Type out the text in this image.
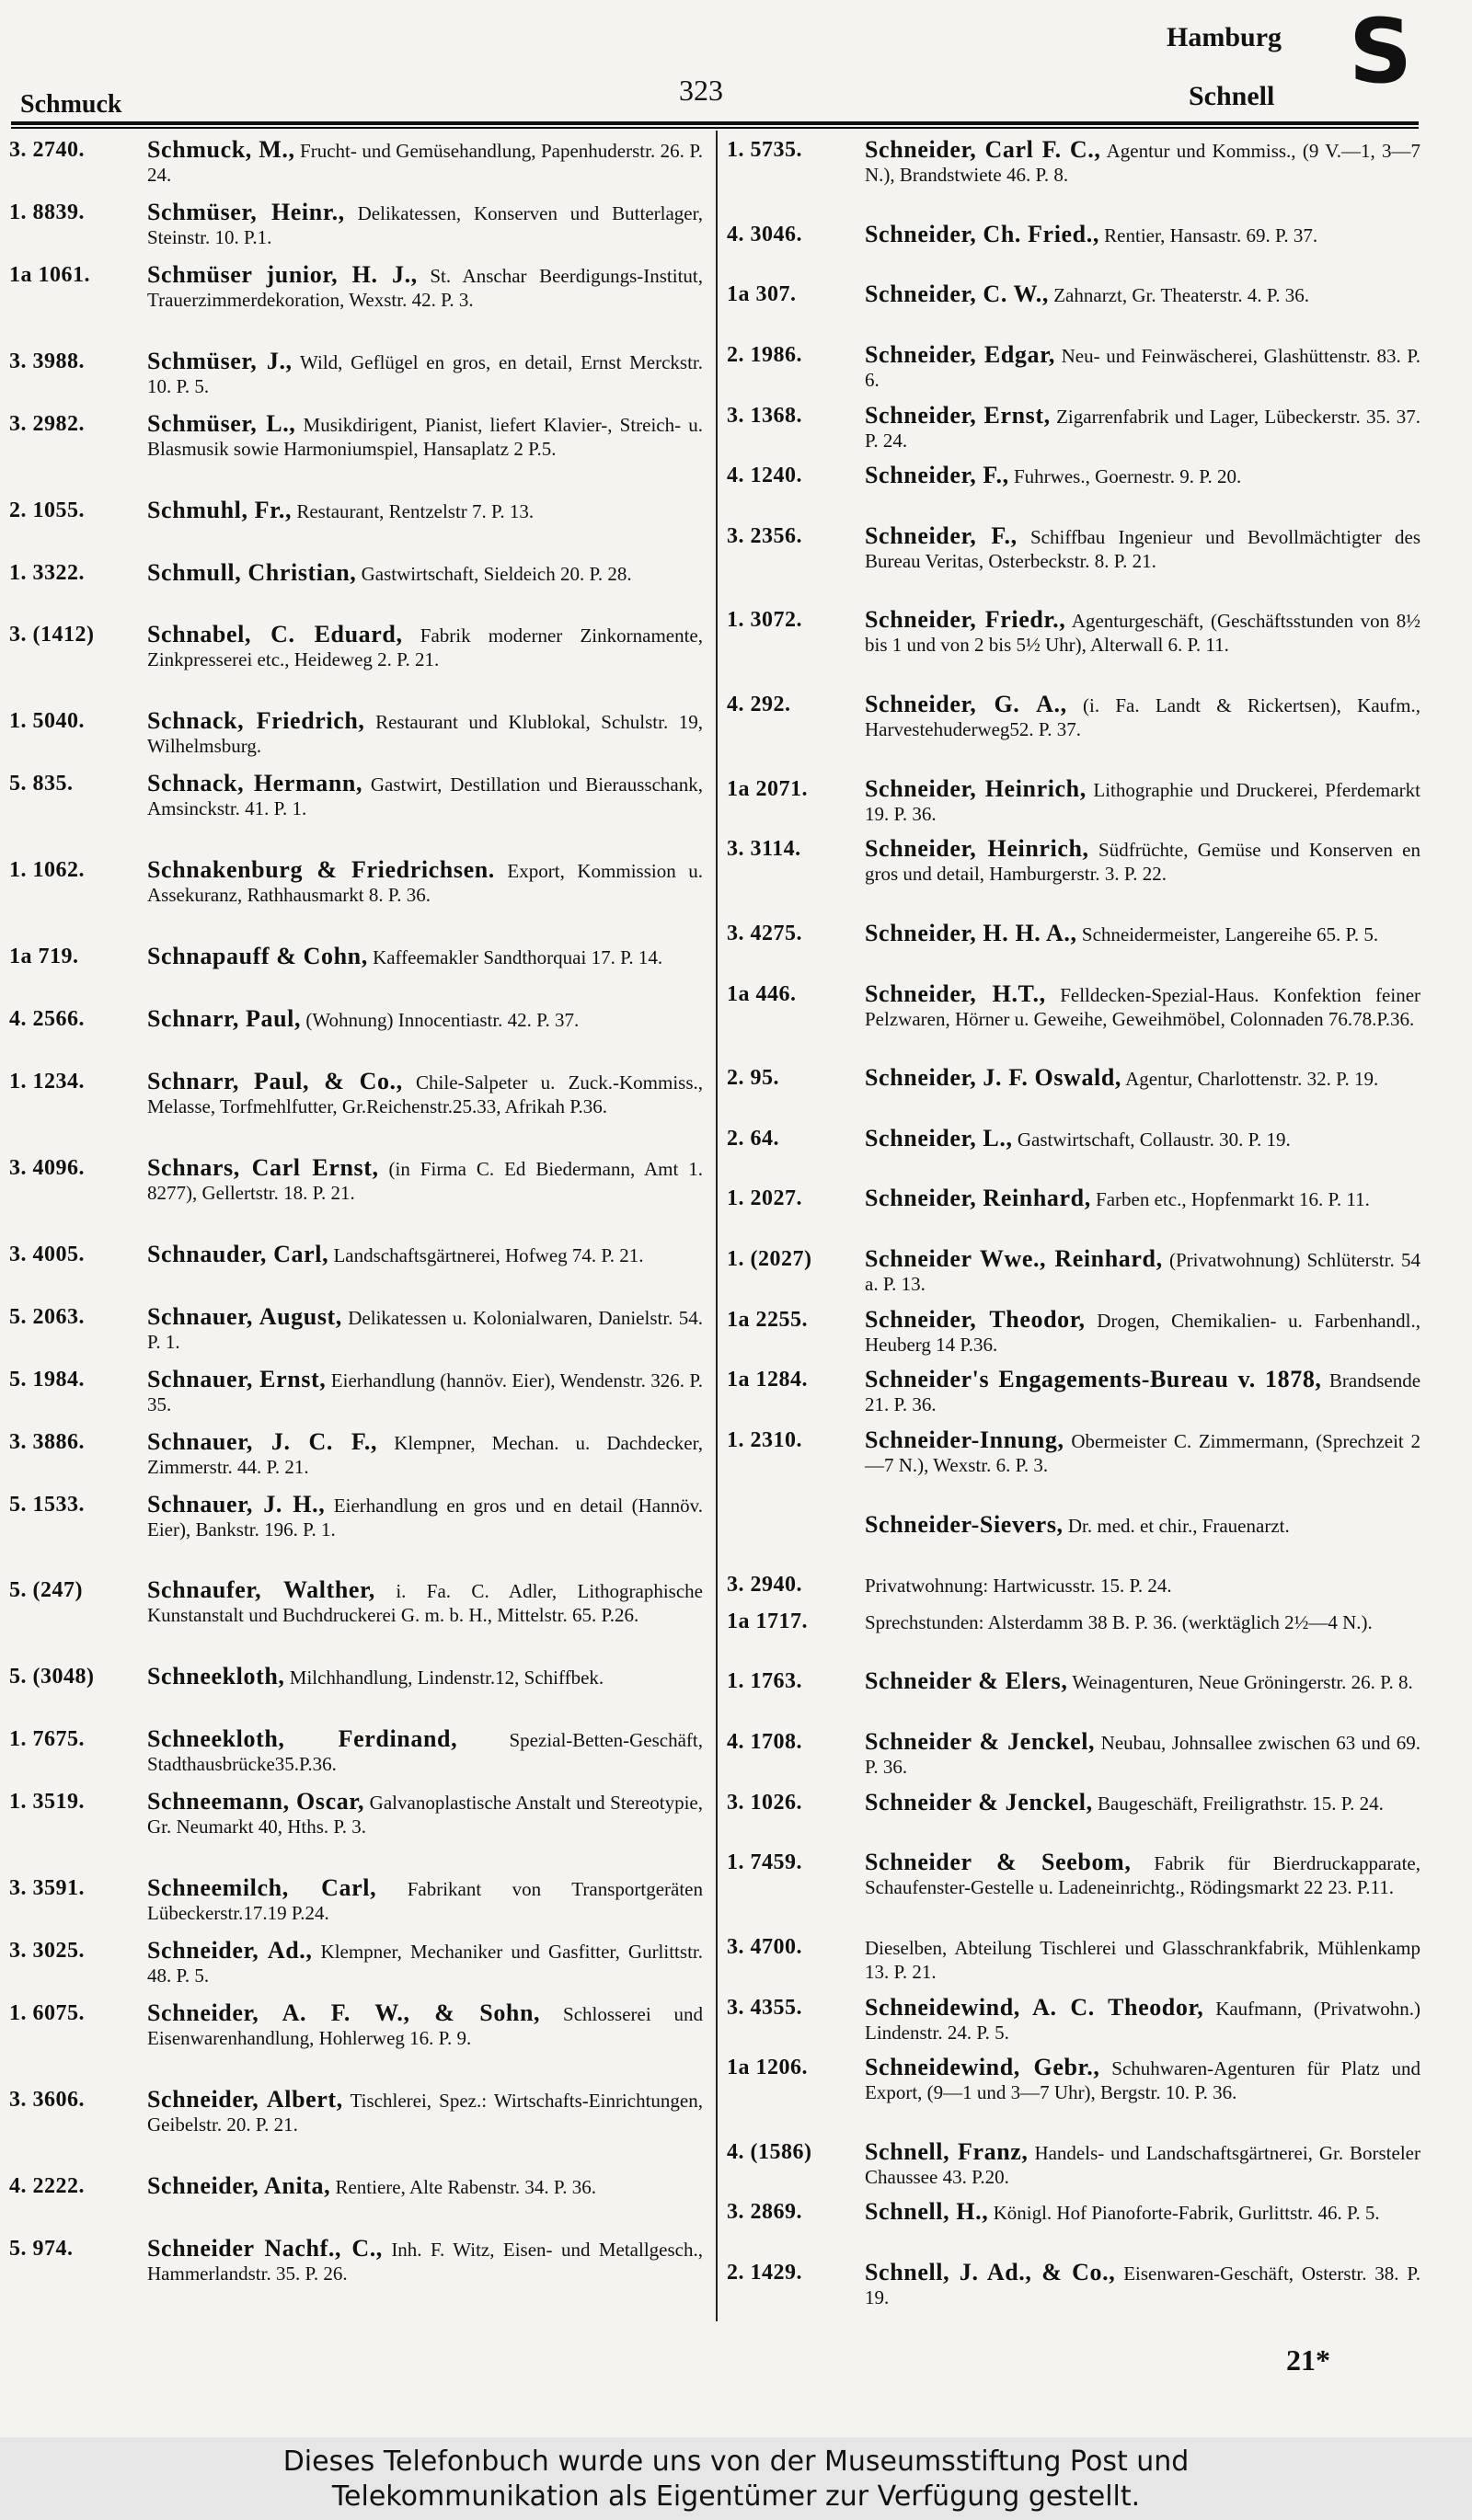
Schmuck	323
Hamburg
Schnell S
3. 2740.	Schmuck, M., Frucht- und Gemüsehandlung, Papenhuderstr. 26. P. 24.
1. 8839.	Schmüser, Heinr., Delikatessen, Konserven und Butterlager, Steinstr. 10. P.1.
1a 1061.	Schmüser junior, H. J., St. Anschar Beerdigungs-Institut, Trauerzimmerdekoration, Wexstr. 42. P. 3.
3. 3988.	Schmüser, J., Wild, Geflügel en gros, en detail, Ernst Merckstr. 10. P. 5.
3. 2982.	Schmüser, L., Musikdirigent, Pianist, liefert Klavier-, Streich- u. Blasmusik sowie Harmoniumspiel, Hansaplatz 2 P.5.
2. 1055.	Schmuhl, Fr., Restaurant, Rentzelstr 7. P. 13.
1. 3322.	Schmull, Christian, Gastwirtschaft, Sieldeich 20. P. 28.
3. (1412)	Schnabel, C. Eduard, Fabrik moderner Zinkornamente, Zinkpresserei etc., Heideweg 2. P. 21.
1. 5040.	Schnack, Friedrich, Restaurant und Klublokal, Schulstr. 19, Wilhelmsburg.
5. 835.	Schnack, Hermann, Gastwirt, Destillation und Bierausschank, Amsinckstr. 41. P. 1.
1. 1062.	Schnakenburg & Friedrichsen. Export, Kommission u. Assekuranz, Rathhausmarkt 8. P. 36.
1a 719.	Schnapauff & Cohn, Kaffeemakler Sandthorquai 17. P. 14.
4. 2566.	Schnarr, Paul, (Wohnung) Innocentiastr. 42. P. 37.
1. 1234.	Schnarr, Paul, & Co., Chile-Salpeter u. Zuck.-Kommiss., Melasse, Torfmehlfutter, Gr.Reichenstr.25.33, Afrikah P.36.
3. 4096.	Schnars, Carl Ernst, (in Firma C. Ed Biedermann, Amt 1. 8277), Gellertstr. 18. P. 21.
3. 4005.	Schnauder, Carl, Landschaftsgärtnerei, Hofweg 74. P. 21.
5. 2063.	Schnauer, August, Delikatessen u. Kolonialwaren, Danielstr. 54. P. 1.
5. 1984.	Schnauer, Ernst, Eierhandlung (hannöv. Eier), Wendenstr. 326. P. 35.
3. 3886.	Schnauer, J. C. F., Klempner, Mechan. u. Dachdecker, Zimmerstr. 44. P. 21.
5. 1533.	Schnauer, J. H., Eierhandlung en gros und en detail (Hannöv. Eier), Bankstr. 196. P. 1.
5. (247)	Schnaufer, Walther, i. Fa. C. Adler, Lithographische Kunstanstalt und Buchdruckerei G. m. b. H., Mittelstr. 65. P.26.
5. (3048)	Schneekloth, Milchhandlung, Lindenstr.12, Schiffbek.
1. 7675.	Schneekloth, Ferdinand,	Spezial-Betten-Geschäft, Stadthausbrücke35.P.36.
1. 3519.	Schneemann, Oscar, Galvanoplastische Anstalt und Stereotypie, Gr. Neumarkt 40, Hths. P. 3.
3. 3591.	Schneemilch, Carl, Fabrikant von Transportgeräten Lübeckerstr.17.19 P.24.
3. 3025.	Schneider, Ad., Klempner, Mechaniker und Gasfitter, Gurlittstr. 48. P. 5.
1. 6075.	Schneider, A. F. W., & Sohn, Schlosserei und Eisenwarenhandlung, Hohlerweg 16. P. 9.
3. 3606.	Schneider, Albert, Tischlerei, Spez.: Wirtschafts-Einrichtungen, Geibelstr. 20. P. 21.
4. 2222.	Schneider, Anita, Rentiere, Alte Rabenstr. 34. P. 36.
5. 974.	Schneider Nachf., C., Inh. F. Witz, Eisen- und Metallgesch., Hammerlandstr. 35. P. 26.
1. 5735.	Schneider, Carl F. C., Agentur und Kommiss., (9 V.—1, 3—7 N.), Brandstwiete 46. P. 8.
4. 3046.	Schneider, Ch. Fried., Rentier, Hansastr. 69. P. 37.
1a 307.	Schneider, C. W., Zahnarzt, Gr. Theaterstr. 4. P. 36.
2. 1986.	Schneider, Edgar, Neu- und Feinwäscherei, Glashüttenstr. 83. P. 6.
3. 1368.	Schneider, Ernst, Zigarrenfabrik und Lager, Lübeckerstr. 35. 37. P. 24.
4. 1240.	Schneider, F., Fuhrwes., Goernestr. 9. P. 20.
3. 2356.	Schneider, F., Schiffbau Ingenieur und Bevollmächtigter des Bureau Veritas, Osterbeckstr. 8. P. 21.
1. 3072.	Schneider, Friedr., Agenturgeschäft, (Geschäftsstunden von 8½ bis 1 und von 2 bis 5½ Uhr), Alterwall 6. P. 11.
4. 292.	Schneider, G. A., (i. Fa. Landt & Rickertsen), Kaufm., Harvestehuderweg52. P. 37.
1a 2071.	Schneider, Heinrich, Lithographie und Druckerei, Pferdemarkt 19. P. 36.
3. 3114.	Schneider, Heinrich, Südfrüchte, Gemüse und Konserven en gros und detail, Hamburgerstr. 3. P. 22.
3. 4275.	Schneider, H. H. A., Schneidermeister, Langereihe 65. P. 5.
1a 446.	Schneider, H.T., Felldecken-Spezial-Haus. Konfektion feiner Pelzwaren, Hörner u. Geweihe, Geweihmöbel, Colonnaden 76.78.P.36.
2. 95.	Schneider, J. F. Oswald, Agentur, Charlottenstr. 32. P. 19.
2. 64.	Schneider, L., Gastwirtschaft, Collaustr. 30. P. 19.
1. 2027.	Schneider, Reinhard, Farben etc., Hopfenmarkt 16. P. 11.
1. (2027)	Schneider Wwe., Reinhard, (Privatwohnung) Schlüterstr. 54 a. P. 13.
1a 2255.	Schneider, Theodor, Drogen, Chemikalien- u. Farbenhandl., Heuberg 14 P.36.
1a 1284.	Schneider's Engagements-Bureau v. 1878, Brandsende 21. P. 36.
1. 2310.	Schneider-Innung, Obermeister C. Zimmermann, (Sprechzeit 2—7 N.), Wexstr. 6. P. 3.
Schneider-Sievers, Dr. med. et chir., Frauenarzt.
3. 2940.	Privatwohnung: Hartwicusstr. 15. P. 24.
1a 1717.	Sprechstunden: Alsterdamm 38 B. P. 36. (werktäglich 2½—4 N.).
1. 1763.	Schneider & Elers, Weinagenturen, Neue Gröningerstr. 26. P. 8.
4. 1708.	Schneider & Jenckel, Neubau, Johnsallee zwischen 63 und 69. P. 36.
3. 1026.	Schneider & Jenckel, Baugeschäft, Freiligrathstr. 15. P. 24.
1. 7459.	Schneider & Seebom, Fabrik für Bierdruckapparate, Schaufenster-Gestelle u. Ladeneinrichtg., Rödingsmarkt 22 23. P.11.
3. 4700.	Dieselben, Abteilung Tischlerei und Glasschrankfabrik, Mühlenkamp 13. P. 21.
3. 4355.	Schneidewind, A. C. Theodor, Kaufmann, (Privatwohn.) Lindenstr. 24. P. 5.
1a 1206.	Schneidewind, Gebr., Schuhwaren-Agenturen für Platz und Export, (9—1 und 3—7 Uhr), Bergstr. 10. P. 36.
4. (1586)	Schnell, Franz, Handels- und Landschaftsgärtnerei, Gr. Borsteler Chaussee 43. P.20.
3. 2869.	Schnell, H., Königl. Hof Pianoforte-Fabrik, Gurlittstr. 46. P. 5.
2. 1429.	Schnell, J. Ad., & Co., Eisenwaren-Geschäft, Osterstr. 38. P. 19.
21*
Dieses Telefonbuch wurde uns von der Museumsstiftung Post und
Telekommunikation als Eigentümer zur Verfügung gestellt.
